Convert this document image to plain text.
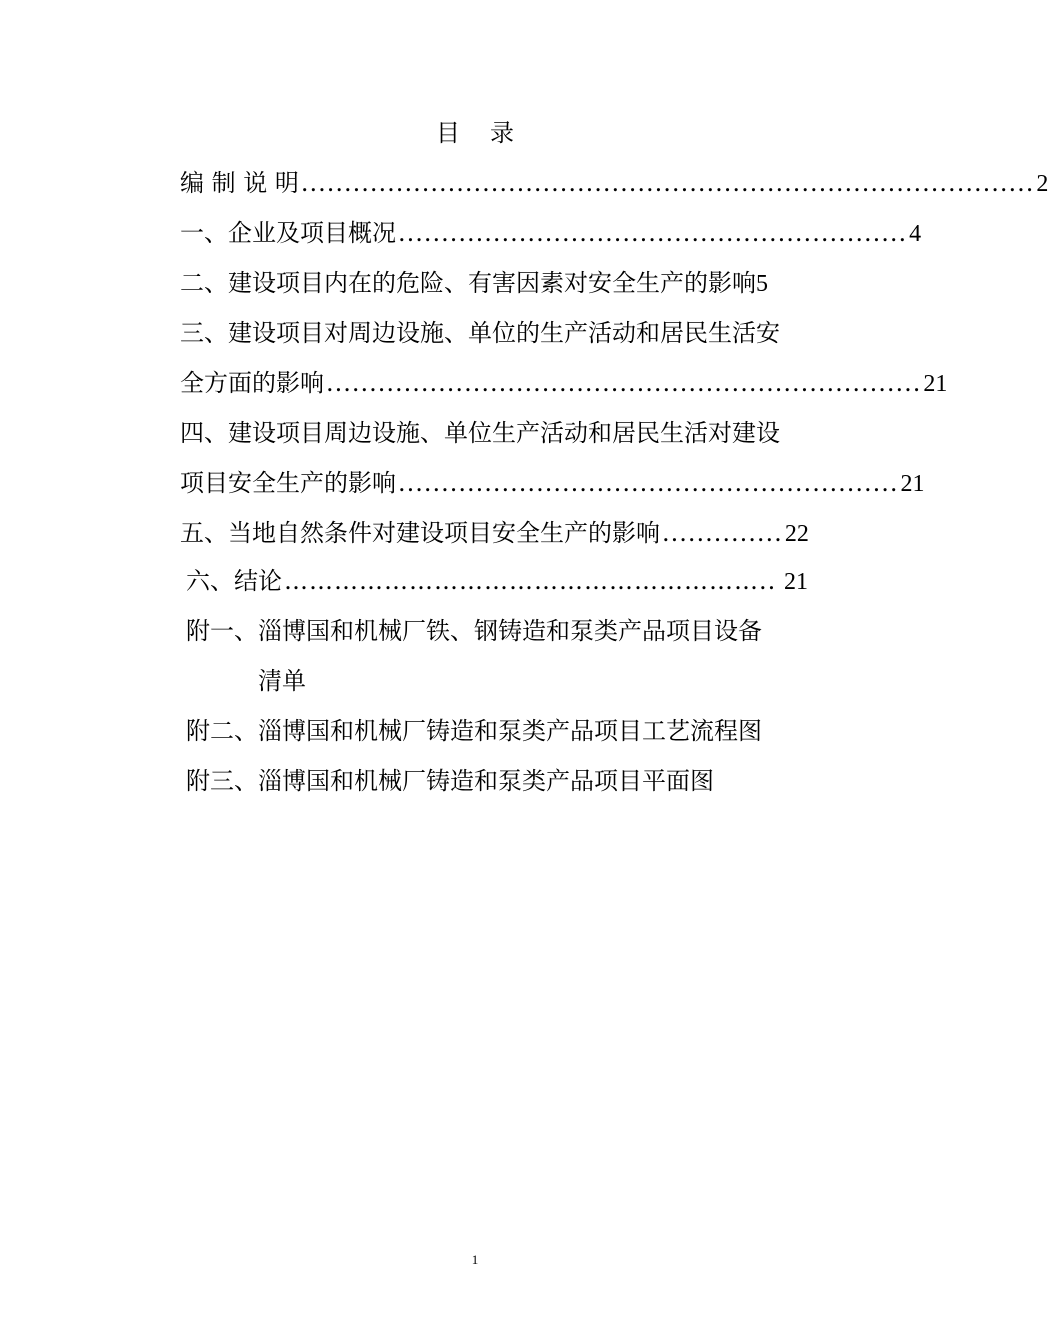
目 录
编 制 说 明 ..................................................................................... 2
一、企业及项目概况 ........................................................... 4
二、建设项目内在的危险、有害因素对安全生产的影响 5
三、建设项目对周边设施、单位的生产活动和居民生活安
全方面的影响 ..................................................................... 21
四、建设项目周边设施、单位生产活动和居民生活对建设
项目安全生产的影响 .......................................................... 21
五、当地自然条件对建设项目安全生产的影响 .............. 22
六、结论 ………………………………………………….. 21
附一、淄博国和机械厂铁、钢铸造和泵类产品项目设备
清单
附二、淄博国和机械厂铸造和泵类产品项目工艺流程图
附三、淄博国和机械厂铸造和泵类产品项目平面图
1
